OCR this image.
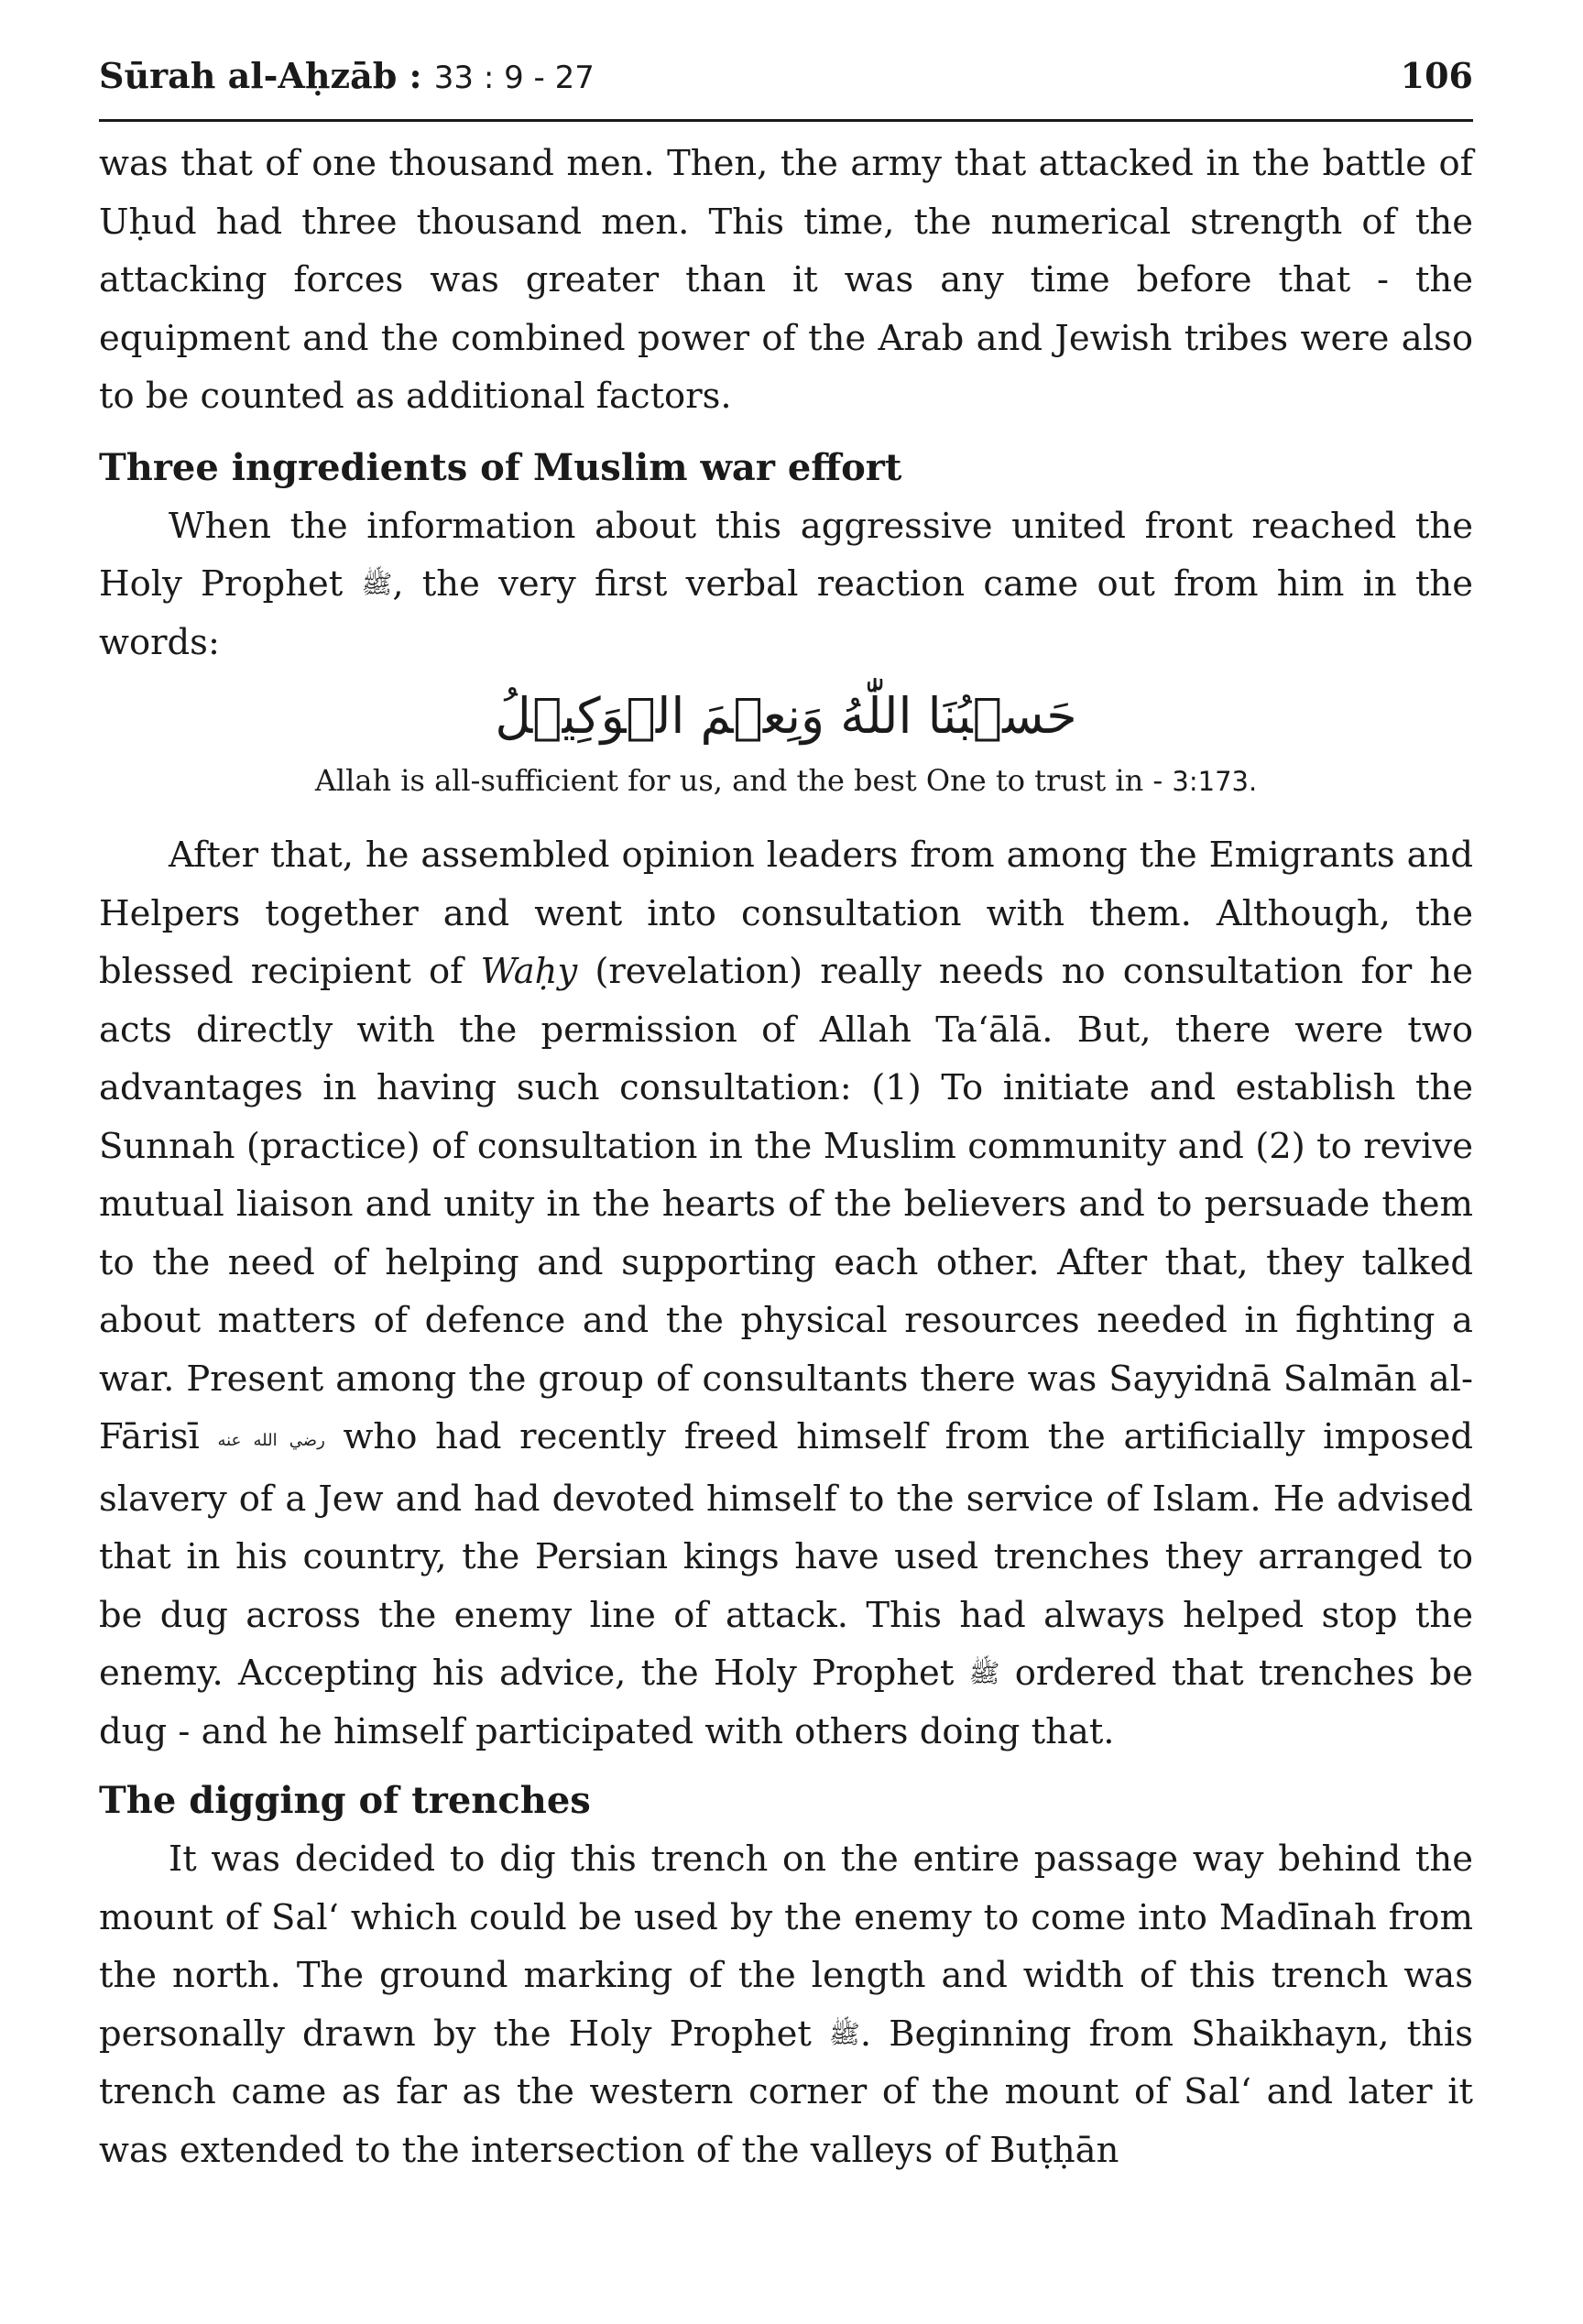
Sūrah al-Aḥzāb : 33 : 9 - 27	106

was that of one thousand men. Then, the army that attacked in the battle of Uḥud had three thousand men. This time, the numerical strength of the attacking forces was greater than it was any time before that - the equipment and the combined power of the Arab and Jewish tribes were also to be counted as additional factors.

Three ingredients of Muslim war effort

When the information about this aggressive united front reached the Holy Prophet ﷺ, the very first verbal reaction came out from him in the words:

حَسۡبُنَا اللّٰهُ وَنِعۡمَ الۡوَكِيۡلُ
Allah is all-sufficient for us, and the best One to trust in - 3:173.

After that, he assembled opinion leaders from among the Emigrants and Helpers together and went into consultation with them. Although, the blessed recipient of Waḥy (revelation) really needs no consultation for he acts directly with the permission of Allah Ta‘ālā. But, there were two advantages in having such consultation: (1) To initiate and establish the Sunnah (practice) of consultation in the Muslim community and (2) to revive mutual liaison and unity in the hearts of the believers and to persuade them to the need of helping and supporting each other. After that, they talked about matters of defence and the physical resources needed in fighting a war. Present among the group of consultants there was Sayyidnā Salmān al-Fārisī رضي الله عنه who had recently freed himself from the artificially imposed slavery of a Jew and had devoted himself to the service of Islam. He advised that in his country, the Persian kings have used trenches they arranged to be dug across the enemy line of attack. This had always helped stop the enemy. Accepting his advice, the Holy Prophet ﷺ ordered that trenches be dug - and he himself participated with others doing that.

The digging of trenches

It was decided to dig this trench on the entire passage way behind the mount of Sal‘ which could be used by the enemy to come into Madīnah from the north. The ground marking of the length and width of this trench was personally drawn by the Holy Prophet ﷺ. Beginning from Shaikhayn, this trench came as far as the western corner of the mount of Sal‘ and later it was extended to the intersection of the valleys of Buṭḥān
